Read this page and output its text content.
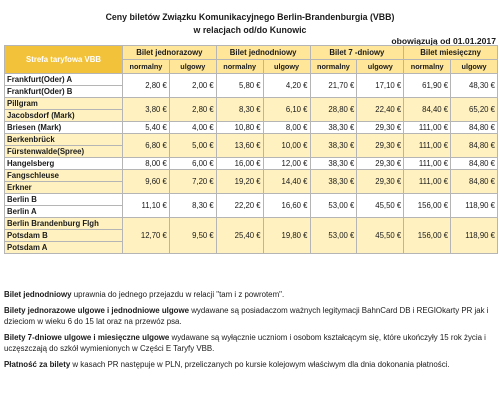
Ceny biletów Związku Komunikacyjnego Berlin-Brandenburgia (VBB)
w relacjach od/do Kunowic
obowiązują od 01.01.2017
Strefa taryfowa VBB	Bilet jednorazowy		Bilet jednodniowy		Bilet 7 -dniowy		Bilet miesięczny	
	normalny	ulgowy	normalny	ulgowy	normalny	ulgowy	normalny	ulgowy
Frankfurt(Oder) A	2,80 €	2,00 €	5,80 €	4,20 €	21,70 €	17,10 €	61,90 €	48,30 €
Frankfurt(Oder) B								
Pillgram	3,80 €	2,80 €	8,30 €	6,10 €	28,80 €	22,40 €	84,40 €	65,20 €
Jacobsdorf (Mark)								
Briesen (Mark)	5,40 €	4,00 €	10,80 €	8,00 €	38,30 €	29,30 €	111,00 €	84,80 €
Berkenbrück	6,80 €	5,00 €	13,60 €	10,00 €	38,30 €	29,30 €	111,00 €	84,80 €
Fürstenwalde(Spree)								
Hangelsberg	8,00 €	6,00 €	16,00 €	12,00 €	38,30 €	29,30 €	111,00 €	84,80 €
Fangschleuse	9,60 €	7,20 €	19,20 €	14,40 €	38,30 €	29,30 €	111,00 €	84,80 €
Erkner								
Berlin B	11,10 €	8,30 €	22,20 €	16,60 €	53,00 €	45,50 €	156,00 €	118,90 €
Berlin A								
Berlin Brandenburg Flgh	12,70 €	9,50 €	25,40 €	19,80 €	53,00 €	45,50 €	156,00 €	118,90 €
Potsdam B								
Potsdam A								

Bilet jednodniowy uprawnia do jednego przejazdu w relacji "tam i z powrotem".

Bilety jednorazowe ulgowe i jednodniowe ulgowe wydawane są posiadaczom ważnych legitymacji BahnCard DB i REGIOkarty PR jak i dzieciom w wieku 6 do 15 lat oraz na przewóz psa.

Bilety 7-dniowe ulgowe i miesięczne ulgowe wydawane są wyłącznie uczniom i osobom kształcącym się, które ukończyły 15 rok życia i uczęszczają do szkół wymienionych w Części E Taryfy VBB.

Płatność za bilety w kasach PR następuje w PLN, przeliczanych po kursie kolejowym właściwym dla dnia dokonania płatności.
